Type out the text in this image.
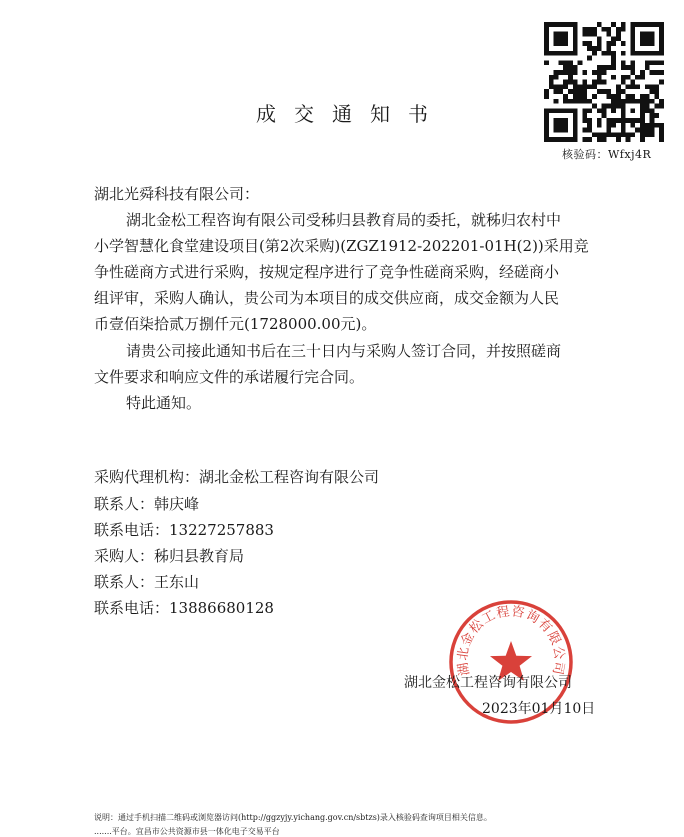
核验码：Wfxj4R
成交通知书
湖北光舜科技有限公司：
湖北金松工程咨询有限公司受秭归县教育局的委托，就秭归农村中
小学智慧化食堂建设项目(第2次采购)(ZGZ1912-202201-01H(2))采用竞
争性磋商方式进行采购，按规定程序进行了竞争性磋商采购，经磋商小
组评审，采购人确认，贵公司为本项目的成交供应商，成交金额为人民
币壹佰柒拾贰万捌仟元(1728000.00元)。
请贵公司接此通知书后在三十日内与采购人签订合同，并按照磋商
文件要求和响应文件的承诺履行完合同。
特此通知。
采购代理机构：湖北金松工程咨询有限公司
联系人：韩庆峰
联系电话：13227257883
采购人：秭归县教育局
联系人：王东山
联系电话：13886680128
湖北金松工程咨询有限公司
湖北金松工程咨询有限公司
2023年01月10日
说明：通过手机扫描二维码或浏览器访问(http://ggzyjy.yichang.gov.cn/sbtzs)录入核验码查询项目相关信息。
.......平台。宜昌市公共资源市县一体化电子交易平台
